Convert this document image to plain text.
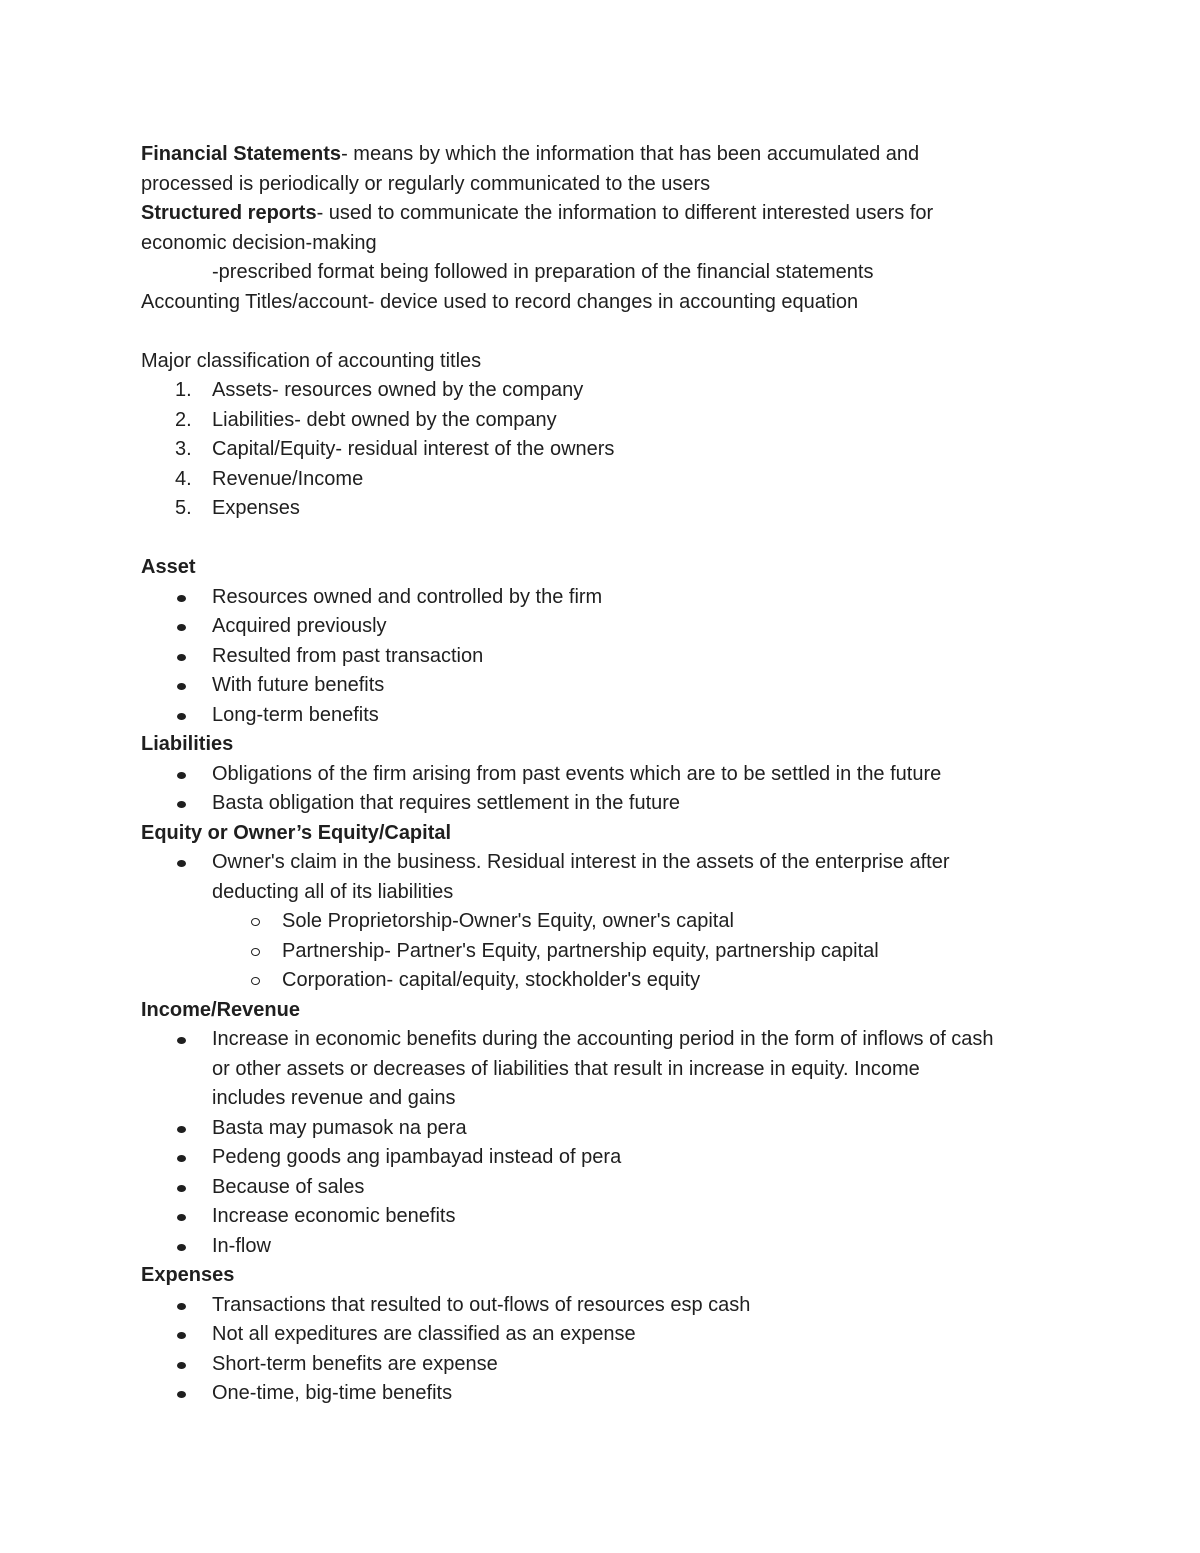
Financial Statements- means by which the information that has been accumulated and

processed is periodically or regularly communicated to the users

Structured reports- used to communicate the information to different interested users for

economic decision-making

-prescribed format being followed in preparation of the financial statements

Accounting Titles/account- device used to record changes in accounting equation

Major classification of accounting titles

1.	Assets- resources owned by the company
2.	Liabilities- debt owned by the company
3.	Capital/Equity- residual interest of the owners
4.	Revenue/Income
5.	Expenses

Asset

Resources owned and controlled by the firm
Acquired previously
Resulted from past transaction
With future benefits
Long-term benefits

Liabilities

Obligations of the firm arising from past events which are to be settled in the future
Basta obligation that requires settlement in the future

Equity or Owner’s Equity/Capital

Owner's claim in the business. Residual interest in the assets of the enterprise after
deducting all of its liabilities
Sole Proprietorship-Owner's Equity, owner's capital
Partnership- Partner's Equity, partnership equity, partnership capital
Corporation- capital/equity, stockholder's equity

Income/Revenue

Increase in economic benefits during the accounting period in the form of inflows of cash
or other assets or decreases of liabilities that result in increase in equity. Income
includes revenue and gains
Basta may pumasok na pera
Pedeng goods ang ipambayad instead of pera
Because of sales
Increase economic benefits
In-flow

Expenses

Transactions that resulted to out-flows of resources esp cash
Not all expeditures are classified as an expense
Short-term benefits are expense
One-time, big-time benefits
